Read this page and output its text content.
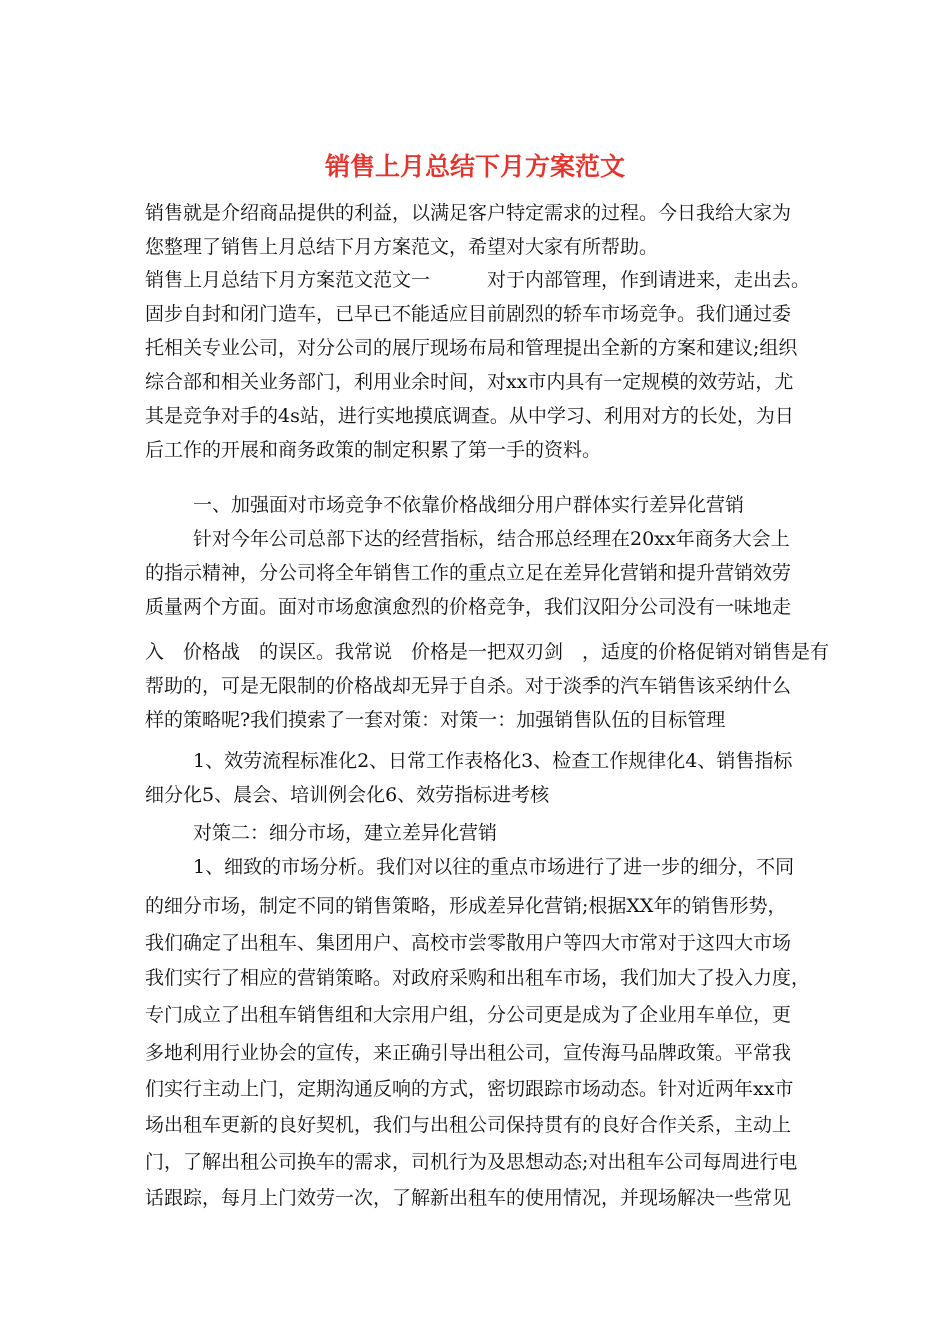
销售上月总结下月方案范文
销售就是介绍商品提供的利益，以满足客户特定需求的过程。今日我给大家为
您整理了销售上月总结下月方案范文，希望对大家有所帮助。
销售上月总结下月方案范文范文一　　　对于内部管理，作到请进来，走出去。
固步自封和闭门造车，已早已不能适应目前剧烈的轿车市场竞争。我们通过委
托相关专业公司，对分公司的展厅现场布局和管理提出全新的方案和建议;组织
综合部和相关业务部门，利用业余时间，对xx市内具有一定规模的效劳站，尤
其是竞争对手的4s站，进行实地摸底调查。从中学习、利用对方的长处，为日
后工作的开展和商务政策的制定积累了第一手的资料。
一、加强面对市场竞争不依靠价格战细分用户群体实行差异化营销
针对今年公司总部下达的经营指标，结合邢总经理在20xx年商务大会上
的指示精神，分公司将全年销售工作的重点立足在差异化营销和提升营销效劳
质量两个方面。面对市场愈演愈烈的价格竞争，我们汉阳分公司没有一味地走
入　价格战　的误区。我常说　价格是一把双刃剑　，适度的价格促销对销售是有
帮助的，可是无限制的价格战却无异于自杀。对于淡季的汽车销售该采纳什么
样的策略呢?我们摸索了一套对策：对策一：加强销售队伍的目标管理
1、效劳流程标准化2、日常工作表格化3、检查工作规律化4、销售指标
细分化5、晨会、培训例会化6、效劳指标进考核
对策二：细分市场，建立差异化营销
1、细致的市场分析。我们对以往的重点市场进行了进一步的细分，不同
的细分市场，制定不同的销售策略，形成差异化营销;根据XX年的销售形势，
我们确定了出租车、集团用户、高校市尝零散用户等四大市常对于这四大市场
我们实行了相应的营销策略。对政府采购和出租车市场，我们加大了投入力度，
专门成立了出租车销售组和大宗用户组，分公司更是成为了企业用车单位，更
多地利用行业协会的宣传，来正确引导出租公司，宣传海马品牌政策。平常我
们实行主动上门，定期沟通反响的方式，密切跟踪市场动态。针对近两年xx市
场出租车更新的良好契机，我们与出租公司保持贯有的良好合作关系，主动上
门，了解出租公司换车的需求，司机行为及思想动态;对出租车公司每周进行电
话跟踪，每月上门效劳一次，了解新出租车的使用情况，并现场解决一些常见
